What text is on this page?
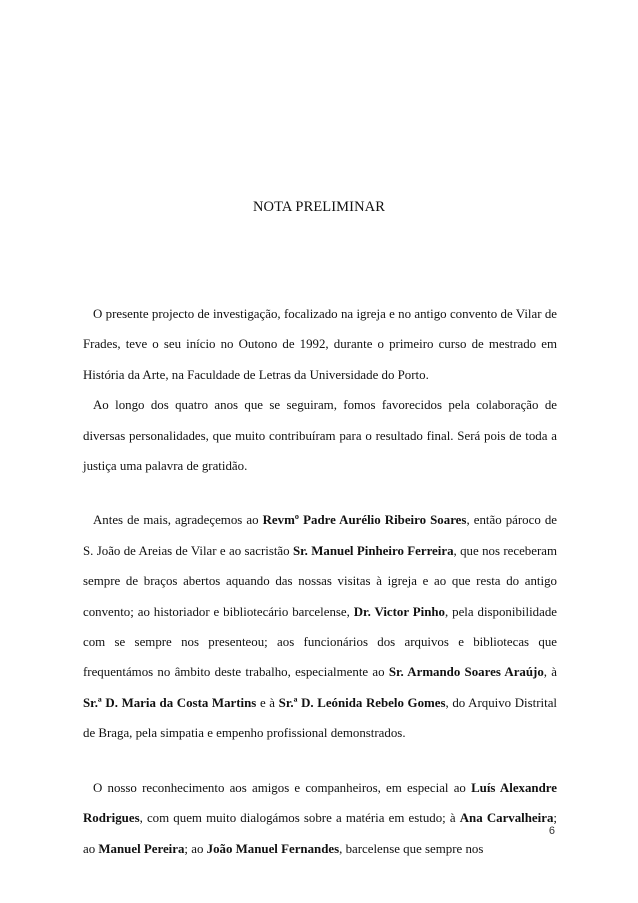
NOTA PRELIMINAR

O presente projecto de investigação, focalizado na igreja e no antigo convento de Vilar de Frades, teve o seu início no Outono de 1992, durante o primeiro curso de mestrado em História da Arte, na Faculdade de Letras da Universidade do Porto.

Ao longo dos quatro anos que se seguiram, fomos favorecidos pela colaboração de diversas personalidades, que muito contribuíram para o resultado final. Será pois de toda a justiça uma palavra de gratidão.

Antes de mais, agradeçemos ao Revmº Padre Aurélio Ribeiro Soares, então pároco de S. João de Areias de Vilar e ao sacristão Sr. Manuel Pinheiro Ferreira, que nos receberam sempre de braços abertos aquando das nossas visitas à igreja e ao que resta do antigo convento; ao historiador e bibliotecário barcelense, Dr. Victor Pinho, pela disponibilidade com se sempre nos presenteou; aos funcionários dos arquivos e bibliotecas que frequentámos no âmbito deste trabalho, especialmente ao Sr. Armando Soares Araújo, à Sr.ª D. Maria da Costa Martins e à Sr.ª D. Leónida Rebelo Gomes, do Arquivo Distrital de Braga, pela simpatia e empenho profissional demonstrados.

O nosso reconhecimento aos amigos e companheiros, em especial ao Luís Alexandre Rodrigues, com quem muito dialogámos sobre a matéria em estudo; à Ana Carvalheira; ao Manuel Pereira; ao João Manuel Fernandes, barcelense que sempre nos

6
